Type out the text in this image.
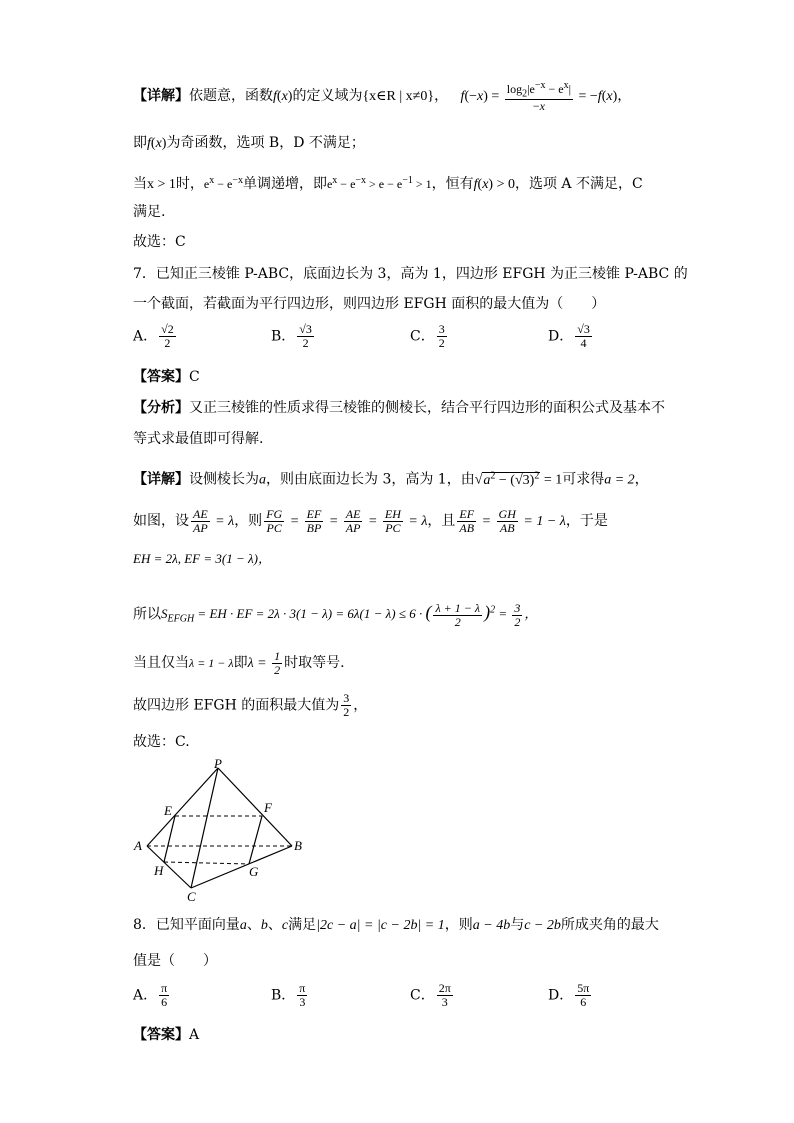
【详解】依题意，函数f(x)的定义域为{x∈R | x≠0}， $f(-x) = \frac{\log_2|e^{-x} - e^x|}{-x} = -f(x)$，
即f(x)为奇函数，选项 B，D 不满足；
当x > 1时，$e^x - e^{-x}$单调递增，即$e^x - e^{-x} > e - e^{-1} > 1$，恒有f(x) > 0，选项 A 不满足，C
满足.
故选：C
7．已知正三棱锥 P-ABC，底面边长为 3，高为 1，四边形 EFGH 为正三棱锥 P-ABC 的
一个截面，若截面为平行四边形，则四边形 EFGH 面积的最大值为（　　）
A． $\frac{√2}{2}$	B． $\frac{√3}{2}$	C． $\frac{3}{2}$	D． $\frac{√3}{4}$
【答案】C
【分析】又正三棱锥的性质求得三棱锥的侧棱长，结合平行四边形的面积公式及基本不
等式求最值即可得解.
【详解】设侧棱长为a，则由底面边长为 3，高为 1，由$√a^2 - (√3)^2 = 1$可求得a = 2，
如图，设 $\frac{AE}{AP} = \lambda$，则 $\frac{FG}{PC} = \frac{EF}{BP} = \frac{AE}{AP} = \frac{EH}{PC} = \lambda$，且 $\frac{EF}{AB} = \frac{GH}{AB} = 1 - \lambda$，于是
EH = 2λ, EF = 3(1 − λ)，
所以$S_{EFGH}$ = EH · EF = 2λ · 3(1 − λ) = 6λ(1 − λ) ≤ 6 · ( $\frac{\lambda + 1 - \lambda}{2} )^2 = \frac{3}{2}$ ，
当且仅当λ = 1 − λ即$\lambda = \frac{1}{2}$ 时取等号.
故四边形 EFGH 的面积最大值为 $\frac{3}{2}$ ，
故选：C.
P
E	F
A	B
H	G
C
8．已知平面向量a、b、c满足|2c − a| = |c − 2b| = 1，则a − 4b与c − 2b所成夹角的最大
值是（　　）
A． $\frac{\pi}{6}$	B． $\frac{\pi}{3}$	C． $\frac{2\pi}{3}$	D． $\frac{5\pi}{6}$
【答案】A
